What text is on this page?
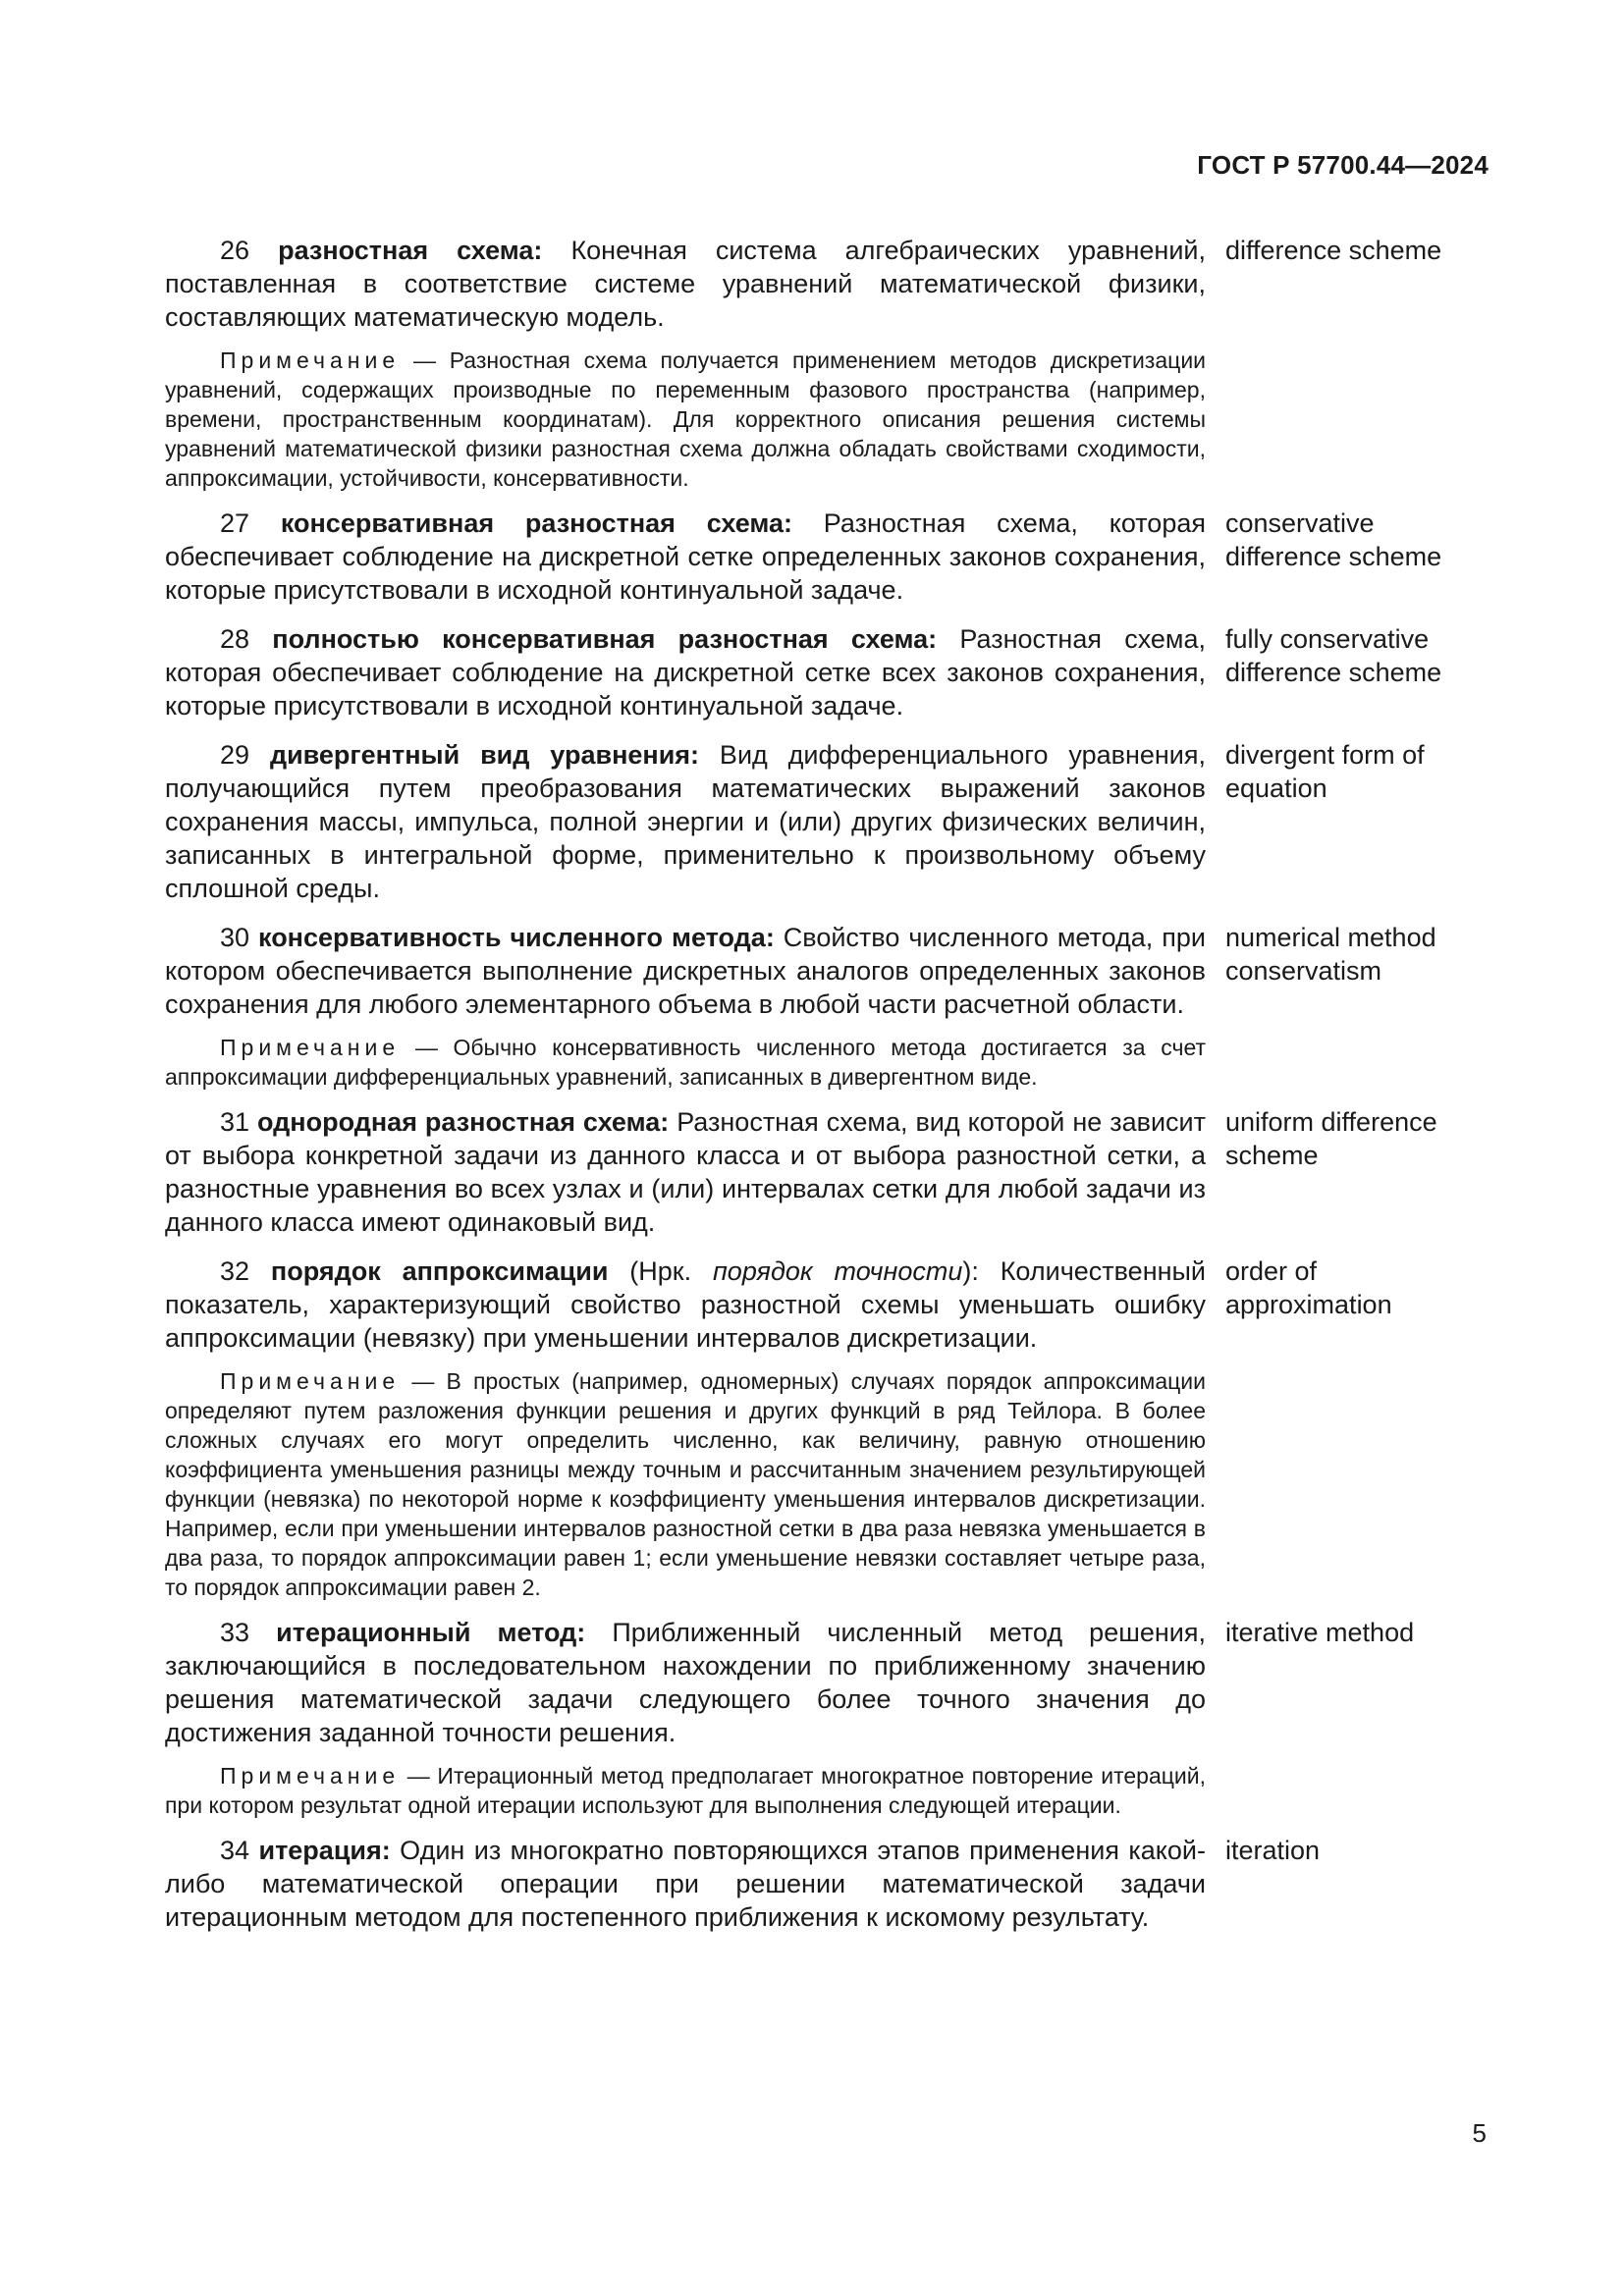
ГОСТ Р 57700.44—2024
26 разностная схема: Конечная система алгебраических уравнений, поставленная в соответствие системе уравнений математической физики, составляющих математическую модель.
difference scheme
Примечание — Разностная схема получается применением методов дискретизации уравнений, содержащих производные по переменным фазового пространства (например, времени, пространственным координатам). Для корректного описания решения системы уравнений математической физики разностная схема должна обладать свойствами сходимости, аппроксимации, устойчивости, консервативности.
27 консервативная разностная схема: Разностная схема, которая обеспечивает соблюдение на дискретной сетке определенных законов сохранения, которые присутствовали в исходной континуальной задаче.
conservative difference scheme
28 полностью консервативная разностная схема: Разностная схема, которая обеспечивает соблюдение на дискретной сетке всех законов сохранения, которые присутствовали в исходной континуальной задаче.
fully conservative difference scheme
29 дивергентный вид уравнения: Вид дифференциального уравнения, получающийся путем преобразования математических выражений законов сохранения массы, импульса, полной энергии и (или) других физических величин, записанных в интегральной форме, применительно к произвольному объему сплошной среды.
divergent form of equation
30 консервативность численного метода: Свойство численного метода, при котором обеспечивается выполнение дискретных аналогов определенных законов сохранения для любого элементарного объема в любой части расчетной области.
numerical method conservatism
Примечание — Обычно консервативность численного метода достигается за счет аппроксимации дифференциальных уравнений, записанных в дивергентном виде.
31 однородная разностная схема: Разностная схема, вид которой не зависит от выбора конкретной задачи из данного класса и от выбора разностной сетки, а разностные уравнения во всех узлах и (или) интервалах сетки для любой задачи из данного класса имеют одинаковый вид.
uniform difference scheme
32 порядок аппроксимации (Нрк. порядок точности): Количественный показатель, характеризующий свойство разностной схемы уменьшать ошибку аппроксимации (невязку) при уменьшении интервалов дискретизации.
order of approximation
Примечание — В простых (например, одномерных) случаях порядок аппроксимации определяют путем разложения функции решения и других функций в ряд Тейлора. В более сложных случаях его могут определить численно, как величину, равную отношению коэффициента уменьшения разницы между точным и рассчитанным значением результирующей функции (невязка) по некоторой норме к коэффициенту уменьшения интервалов дискретизации. Например, если при уменьшении интервалов разностной сетки в два раза невязка уменьшается в два раза, то порядок аппроксимации равен 1; если уменьшение невязки составляет четыре раза, то порядок аппроксимации равен 2.
33 итерационный метод: Приближенный численный метод решения, заключающийся в последовательном нахождении по приближенному значению решения математической задачи следующего более точного значения до достижения заданной точности решения.
iterative method
Примечание — Итерационный метод предполагает многократное повторение итераций, при котором результат одной итерации используют для выполнения следующей итерации.
34 итерация: Один из многократно повторяющихся этапов применения какой-либо математической операции при решении математической задачи итерационным методом для постепенного приближения к искомому результату.
iteration
5
